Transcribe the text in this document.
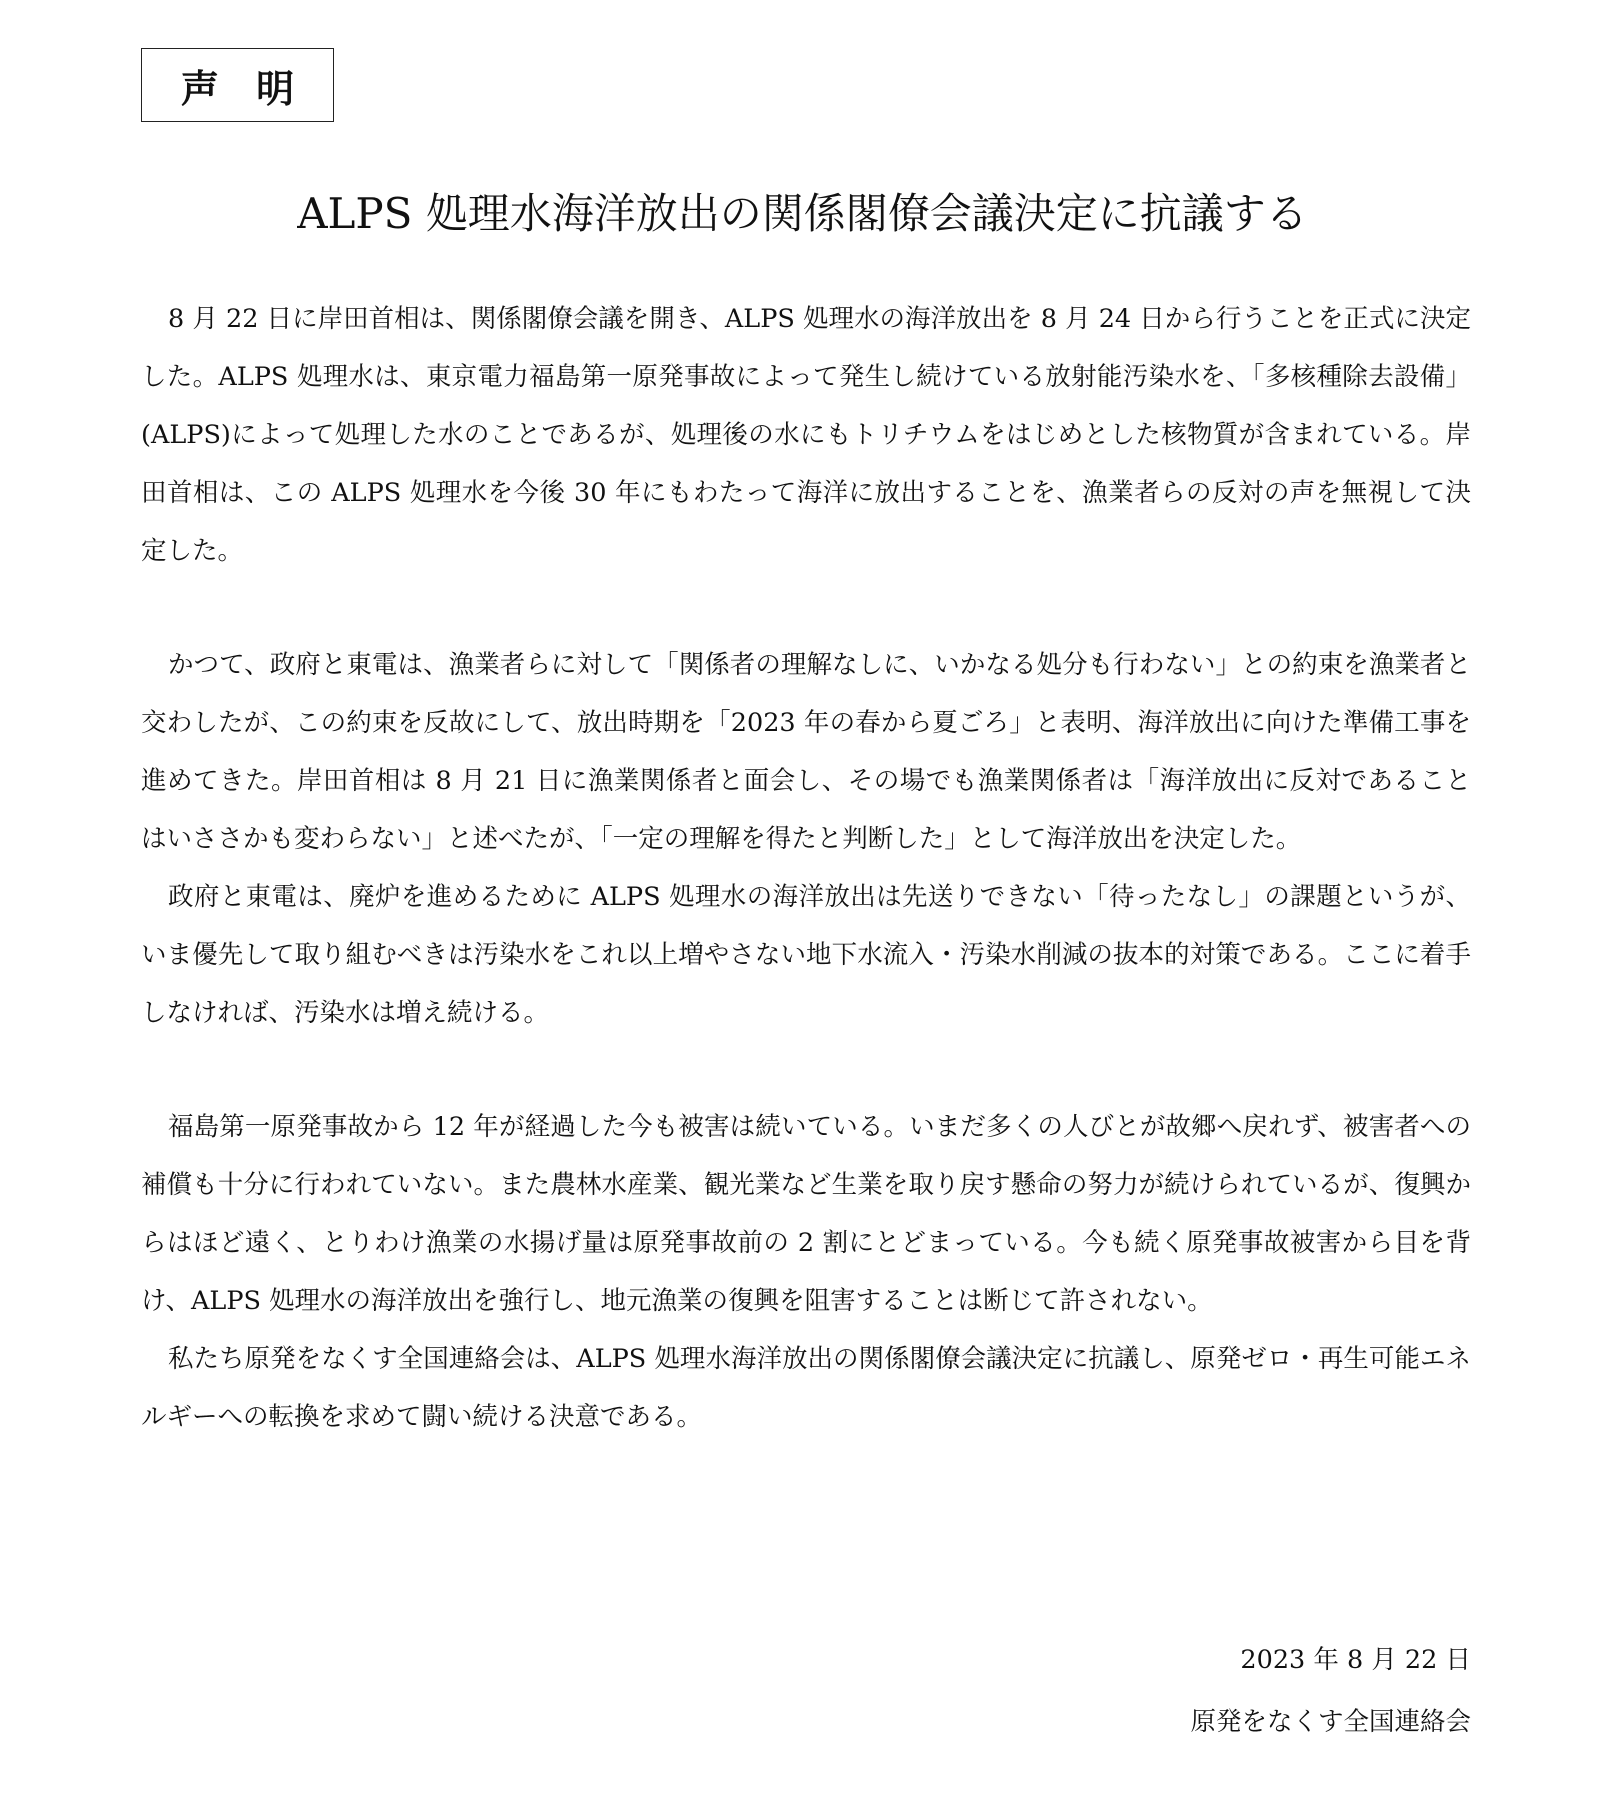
声 明
ALPS 処理水海洋放出の関係閣僚会議決定に抗議する

8 月 22 日に岸田首相は、関係閣僚会議を開き、ALPS 処理水の海洋放出を 8 月 24 日から行うことを正式に決定した。ALPS 処理水は、東京電力福島第一原発事故によって発生し続けている放射能汚染水を、「多核種除去設備」(ALPS)によって処理した水のことであるが、処理後の水にもトリチウムをはじめとした核物質が含まれている。岸田首相は、この ALPS 処理水を今後 30 年にもわたって海洋に放出することを、漁業者らの反対の声を無視して決定した。

かつて、政府と東電は、漁業者らに対して「関係者の理解なしに、いかなる処分も行わない」との約束を漁業者と交わしたが、この約束を反故にして、放出時期を「2023 年の春から夏ごろ」と表明、海洋放出に向けた準備工事を進めてきた。岸田首相は 8 月 21 日に漁業関係者と面会し、その場でも漁業関係者は「海洋放出に反対であることはいささかも変わらない」と述べたが、「一定の理解を得たと判断した」として海洋放出を決定した。

政府と東電は、廃炉を進めるために ALPS 処理水の海洋放出は先送りできない「待ったなし」の課題というが、いま優先して取り組むべきは汚染水をこれ以上増やさない地下水流入・汚染水削減の抜本的対策である。ここに着手しなければ、汚染水は増え続ける。

福島第一原発事故から 12 年が経過した今も被害は続いている。いまだ多くの人びとが故郷へ戻れず、被害者への補償も十分に行われていない。また農林水産業、観光業など生業を取り戻す懸命の努力が続けられているが、復興からはほど遠く、とりわけ漁業の水揚げ量は原発事故前の 2 割にとどまっている。今も続く原発事故被害から目を背け、ALPS 処理水の海洋放出を強行し、地元漁業の復興を阻害することは断じて許されない。

私たち原発をなくす全国連絡会は、ALPS 処理水海洋放出の関係閣僚会議決定に抗議し、原発ゼロ・再生可能エネルギーへの転換を求めて闘い続ける決意である。

2023 年 8 月 22 日
原発をなくす全国連絡会
